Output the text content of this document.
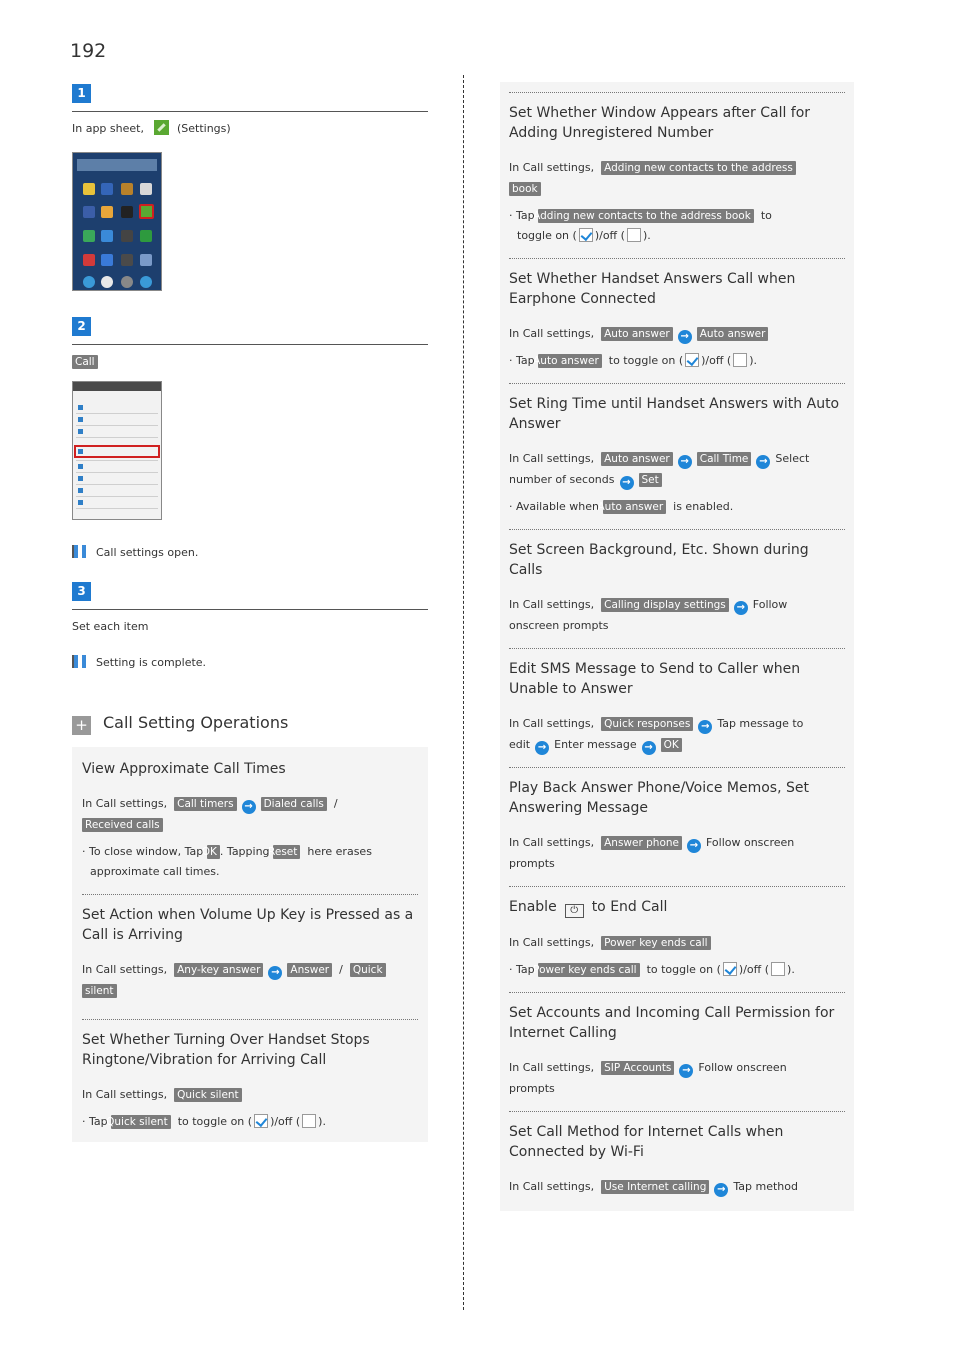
192
1
In app sheet,	(Settings)
2
Call
Call settings open.
3
Set each item
Setting is complete.
+ Call Setting Operations
View Approximate Call Times
In Call settings, Call timers → Dialed calls /
Received calls
· To close window, Tap OK . Tapping Reset here erases
approximate call times.
Set Action when Volume Up Key is Pressed as a Call is Arriving
In Call settings, Any-key answer → Answer / Quick
silent
Set Whether Turning Over Handset Stops Ringtone/Vibration for Arriving Call
In Call settings, Quick silent
· Tap Quick silent to toggle on ( )/off ( ).
Set Whether Window Appears after Call for Adding Unregistered Number
In Call settings, Adding new contacts to the address
book
· Tap Adding new contacts to the address book to
toggle on ( )/off ( ).
Set Whether Handset Answers Call when Earphone Connected
In Call settings, Auto answer → Auto answer
· Tap Auto answer to toggle on ( )/off ( ).
Set Ring Time until Handset Answers with Auto Answer
In Call settings, Auto answer → Call Time → Select
number of seconds → Set
· Available when Auto answer is enabled.
Set Screen Background, Etc. Shown during Calls
In Call settings, Calling display settings → Follow
onscreen prompts
Edit SMS Message to Send to Caller when Unable to Answer
In Call settings, Quick responses → Tap message to
edit → Enter message → OK
Play Back Answer Phone/Voice Memos, Set Answering Message
In Call settings, Answer phone → Follow onscreen
prompts
Enable ⏻ to End Call
In Call settings, Power key ends call
· Tap Power key ends call to toggle on ( )/off ( ).
Set Accounts and Incoming Call Permission for Internet Calling
In Call settings, SIP Accounts → Follow onscreen
prompts
Set Call Method for Internet Calls when Connected by Wi-Fi
In Call settings, Use Internet calling → Tap method
